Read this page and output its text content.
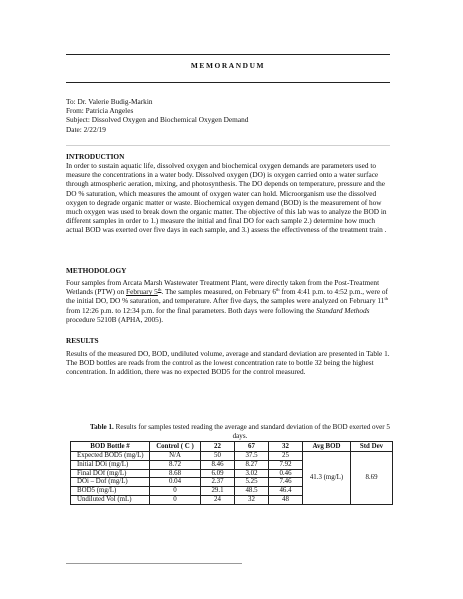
MEMORANDUM
To: Dr. Valerie Budig-Markin
From: Patricia Angeles
Subject: Dissolved Oxygen and Biochemical Oxygen Demand
Date: 2/22/19
INTRODUCTION

In order to sustain aquatic life, dissolved oxygen and biochemical oxygen demands are parameters used to measure the concentrations in a water body. Dissolved oxygen (DO) is oxygen carried onto a water surface through atmospheric aeration, mixing, and photosynthesis. The DO depends on temperature, pressure and the DO % saturation, which measures the amount of oxygen water can hold. Microorganism use the dissolved oxygen to degrade organic matter or waste. Biochemical oxygen demand (BOD) is the measurement of how much oxygen was used to break down the organic matter. The objective of this lab was to analyze the BOD in different samples in order to 1.) measure the initial and final DO for each sample 2.) determine how much actual BOD was exerted over five days in each sample, and 3.) assess the effectiveness of the treatment train .

METHODOLOGY

Four samples from Arcata Marsh Wastewater Treatment Plant, were directly taken from the Post-Treatment Wetlands (PTW) on February 5th. The samples measured, on February 6th from 4:41 p.m. to 4:52 p.m., were of the initial DO, DO % saturation, and temperature. After five days, the samples were analyzed on February 11th from 12:26 p.m. to 12:34 p.m. for the final parameters. Both days were following the Standard Methods procedure 5210B (APHA, 2005).

RESULTS

Results of the measured DO, BOD, undiluted volume, average and standard deviation are presented in Table 1. The BOD bottles are reads from the control as the lowest concentration rate to bottle 32 being the highest concentration. In addition, there was no expected BOD5 for the control measured.

Table 1. Results for samples tested reading the average and standard deviation of the BOD exerted over 5 days.
BOD Bottle #	Control ( C )	22	67	32	Avg BOD	Std Dev
Expected BOD5 (mg/L)	N/A	50	37.5	25	41.3 (mg/L)	8.69
Initial DOi (mg/L)	8.72	8.46	8.27	7.92		
Final DOf (mg/L)	8.68	6.09	3.02	0.46		
DOi – Dof (mg/L)	0.04	2.37	5.25	7.46		
BOD5 (mg/L)	0	29.1	48.5	46.4		
Undiluted Vol (mL)	0	24	32	48		
